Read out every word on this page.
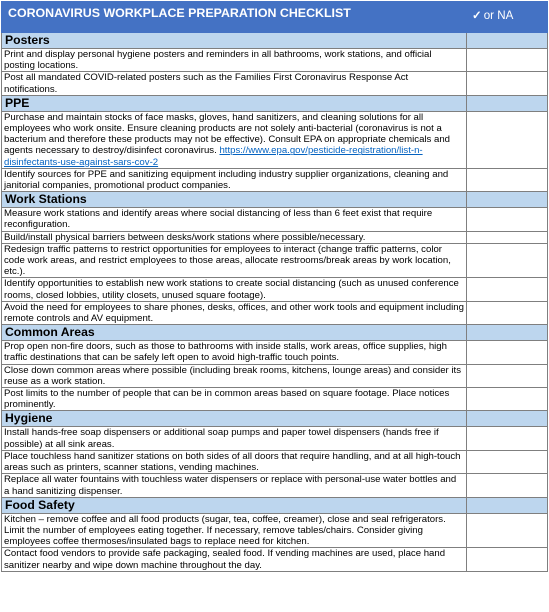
CORONAVIRUS WORKPLACE PREPARATION CHECKLIST	✓ or NA
Posters	
Print and display personal hygiene posters and reminders in all bathrooms, work stations, and official posting locations.	
Post all mandated COVID-related posters such as the Families First Coronavirus Response Act notifications.	
PPE	
Purchase and maintain stocks of face masks, gloves, hand sanitizers, and cleaning solutions for all employees who work onsite. Ensure cleaning products are not solely anti-bacterial (coronavirus is not a bacterium and therefore these products may not be effective). Consult EPA on appropriate chemicals and agents necessary to destroy/disinfect coronavirus. https://www.epa.gov/pesticide-registration/list-n-disinfectants-use-against-sars-cov-2	
Identify sources for PPE and sanitizing equipment including industry supplier organizations, cleaning and janitorial companies, promotional product companies.	
Work Stations	
Measure work stations and identify areas where social distancing of less than 6 feet exist that require reconfiguration.	
Build/install physical barriers between desks/work stations where possible/necessary.	
Redesign traffic patterns to restrict opportunities for employees to interact (change traffic patterns, color code work areas, and restrict employees to those areas, allocate restrooms/break areas by work location, etc.).	
Identify opportunities to establish new work stations to create social distancing (such as unused conference rooms, closed lobbies, utility closets, unused square footage).	
Avoid the need for employees to share phones, desks, offices, and other work tools and equipment including remote controls and AV equipment.	
Common Areas	
Prop open non-fire doors, such as those to bathrooms with inside stalls, work areas, office supplies, high traffic destinations that can be safely left open to avoid high-traffic touch points.	
Close down common areas where possible (including break rooms, kitchens, lounge areas) and consider its reuse as a work station.	
Post limits to the number of people that can be in common areas based on square footage. Place notices prominently.	
Hygiene	
Install hands-free soap dispensers or additional soap pumps and paper towel dispensers (hands free if possible) at all sink areas.	
Place touchless hand sanitizer stations on both sides of all doors that require handling, and at all high-touch areas such as printers, scanner stations, vending machines.	
Replace all water fountains with touchless water dispensers or replace with personal-use water bottles and a hand sanitizing dispenser.	
Food Safety	
Kitchen – remove coffee and all food products (sugar, tea, coffee, creamer), close and seal refrigerators. Limit the number of employees eating together. If necessary, remove tables/chairs. Consider giving employees coffee thermoses/insulated bags to replace need for kitchen.	
Contact food vendors to provide safe packaging, sealed food. If vending machines are used, place hand sanitizer nearby and wipe down machine throughout the day.	
